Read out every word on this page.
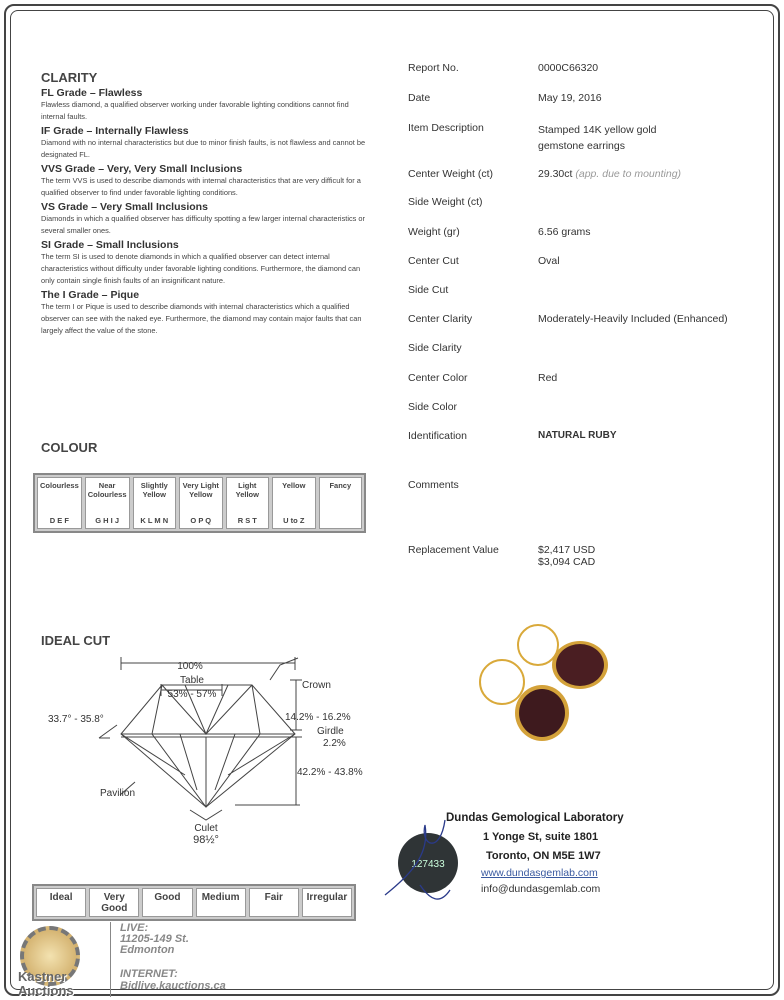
CLARITY
FL Grade – Flawless
Flawless diamond, a qualified observer working under favorable lighting conditions cannot find internal faults.
IF Grade – Internally Flawless
Diamond with no internal characteristics but due to minor finish faults, is not flawless and cannot be designated FL.
VVS Grade – Very, Very Small Inclusions
The term VVS is used to describe diamonds with internal characteristics that are very difficult for a qualified observer to find under favorable lighting conditions.
VS Grade – Very Small Inclusions
Diamonds in which a qualified observer has difficulty spotting a few larger internal characteristics or several smaller ones.
SI Grade – Small Inclusions
The term SI is used to denote diamonds in which a qualified observer can detect internal characteristics without difficulty under favorable lighting conditions. Furthermore, the diamond can only contain single finish faults of an insignificant nature.
The I Grade – Pique
The term I or Pique is used to describe diamonds with internal characteristics which a qualified observer can see with the naked eye. Furthermore, the diamond may contain major faults that can largely affect the value of the stone.
COLOUR
Colourless
D E F
Near Colourless
G H I J
Slightly Yellow
K L M N
Very Light Yellow
O P Q
Light Yellow
R S T
Yellow
U to Z
Fancy
IDEAL CUT
100%
Table
53% - 57%
Crown
33.7° - 35.8°	14.2% - 16.2%
Girdle
2.2%
42.2% - 43.8%
Pavilion
Culet
98½°
Ideal	Very Good
Good	Medium	Fair	Irregular
Report No.	0000C66320
Date	May 19, 2016
Item Description	Stamped 14K yellow gold gemstone earrings
Center Weight (ct)	29.30ct (app. due to mounting)
Side Weight (ct)
Weight (gr)	6.56 grams
Center Cut	Oval
Side Cut
Center Clarity	Moderately-Heavily Included (Enhanced)
Side Clarity
Center Color	Red
Side Color
Identification	NATURAL RUBY
Comments
Replacement Value	$2,417 USD
$3,094 CAD
127433
Dundas Gemological Laboratory
1 Yonge St, suite 1801
Toronto, ON M5E 1W7
www.dundasgemlab.com
info@dundasgemlab.com
Kastner Auctions
LIVE:
11205-149 St.
Edmonton
INTERNET:
Bidlive.kauctions.ca
